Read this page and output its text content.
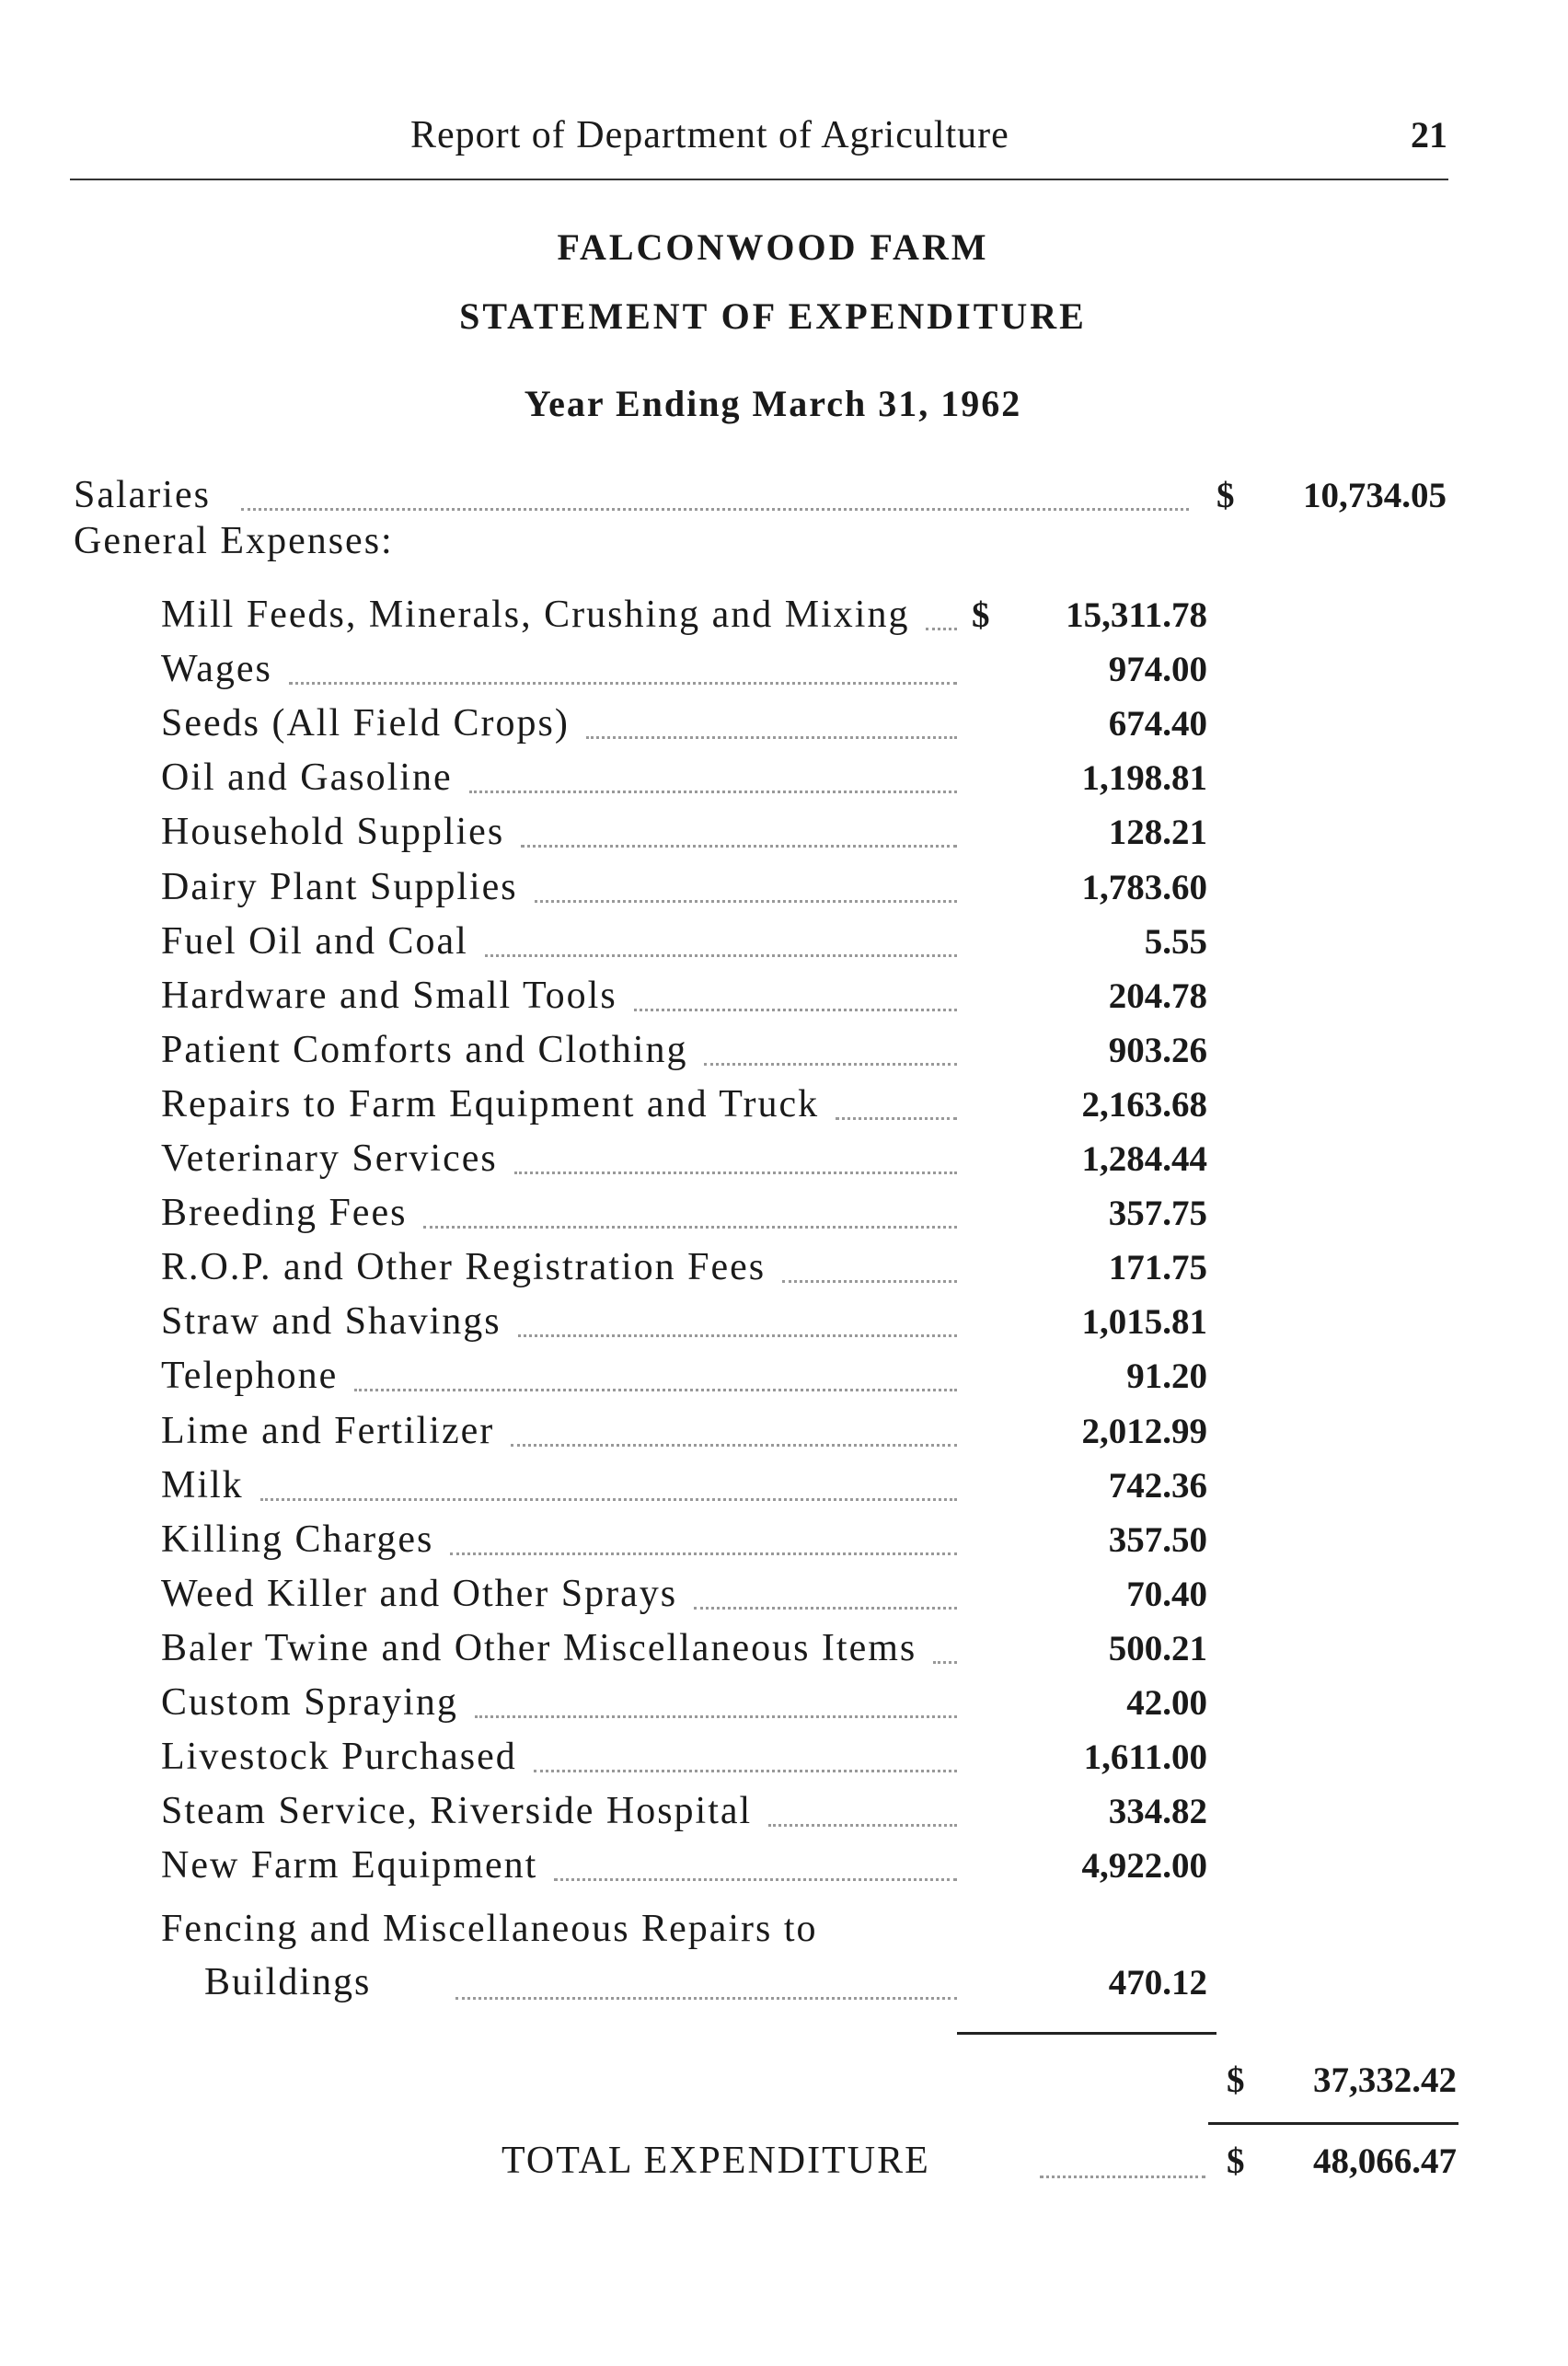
Report of Department of Agriculture	21
FALCONWOOD FARM
STATEMENT OF EXPENDITURE
Year Ending March 31, 1962
Salaries	$	10,734.05
General Expenses:
Mill Feeds, Minerals, Crushing and Mixing	15,311.78
Wages	974.00
Seeds (All Field Crops)	674.40
Oil and Gasoline	1,198.81
Household Supplies	128.21
Dairy Plant Supplies	1,783.60
Fuel Oil and Coal	5.55
Hardware and Small Tools	204.78
Patient Comforts and Clothing	903.26
Repairs to Farm Equipment and Truck	2,163.68
Veterinary Services	1,284.44
Breeding Fees	357.75
R.O.P. and Other Registration Fees	171.75
Straw and Shavings	1,015.81
Telephone	91.20
Lime and Fertilizer	2,012.99
Milk	742.36
Killing Charges	357.50
Weed Killer and Other Sprays	70.40
Baler Twine and Other Miscellaneous Items	500.21
Custom Spraying	42.00
Livestock Purchased	1,611.00
Steam Service, Riverside Hospital	334.82
New Farm Equipment	4,922.00
$
Fencing and Miscellaneous Repairs to
Buildings	470.12
$	37,332.42
TOTAL EXPENDITURE	$	48,066.47
